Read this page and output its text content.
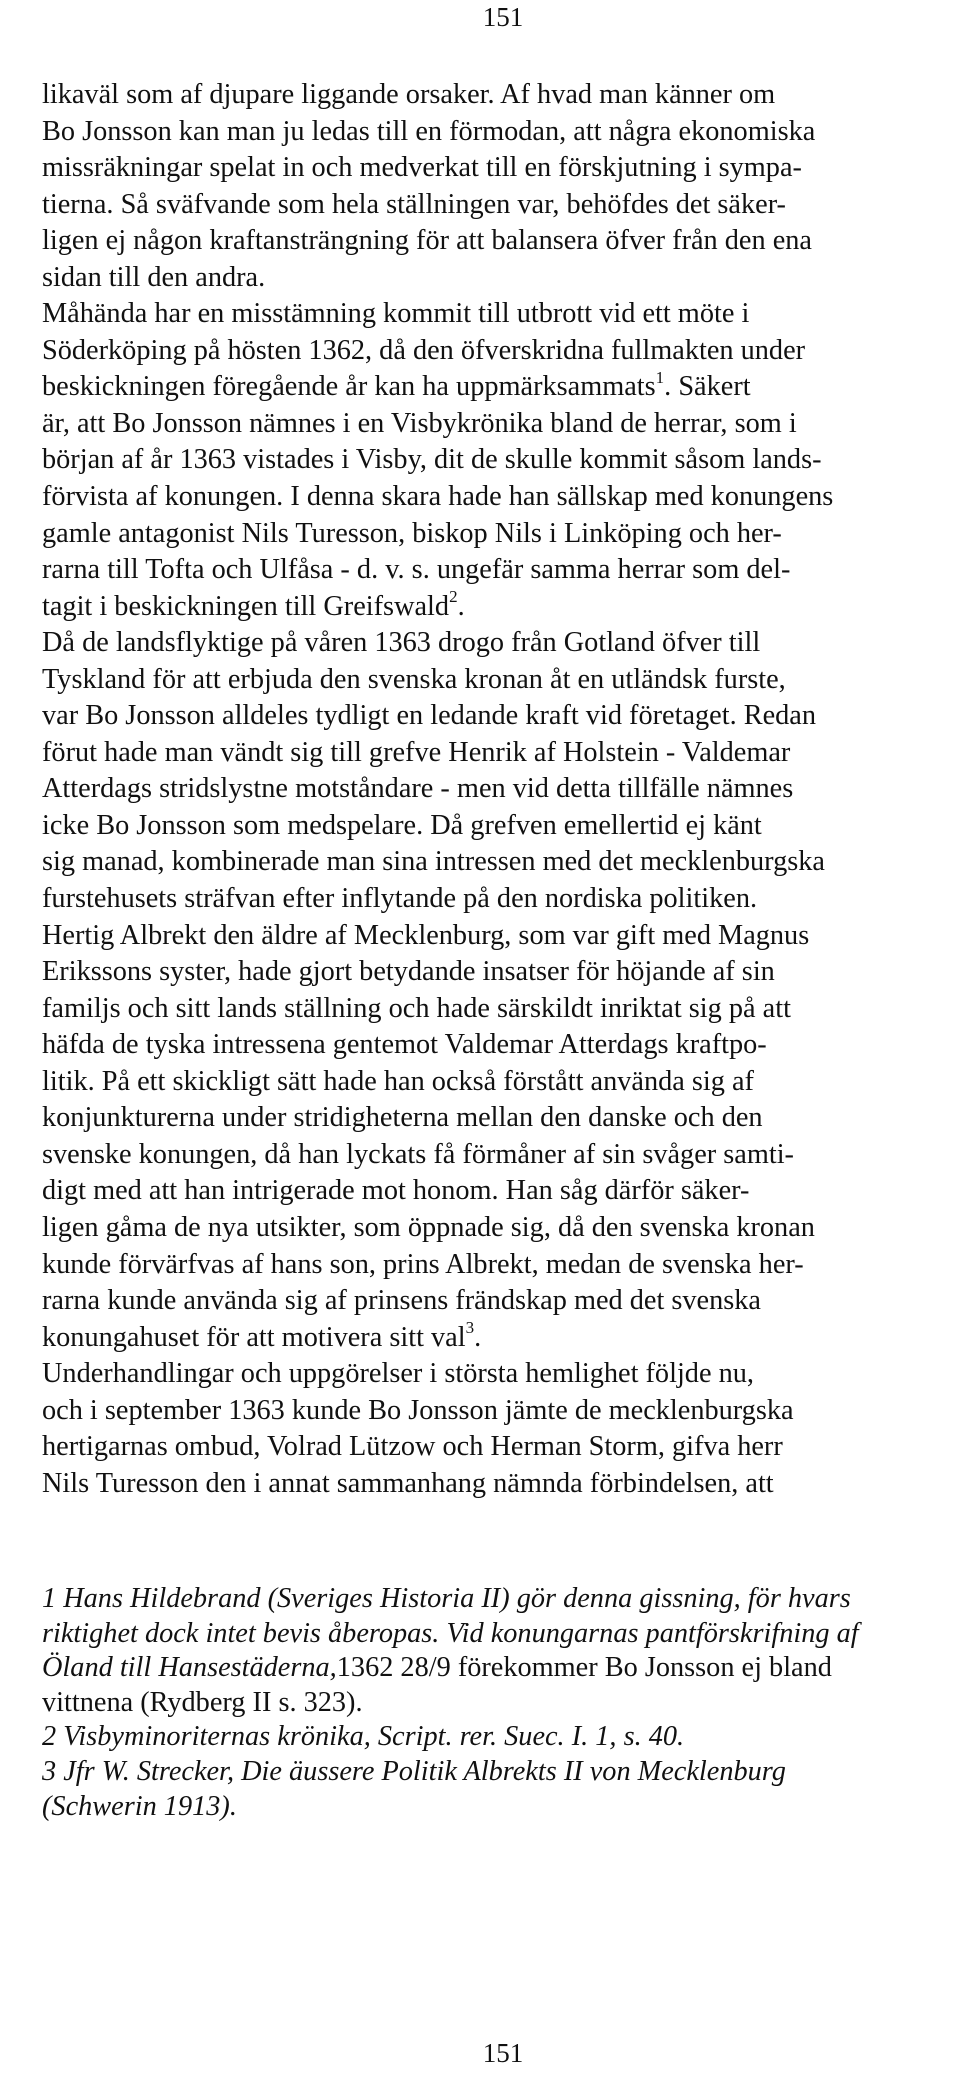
151
likaväl som af djupare liggande orsaker. Af hvad man känner om
Bo Jonsson kan man ju ledas till en förmodan, att några ekonomiska
missräkningar spelat in och medverkat till en förskjutning i sympa-
tierna. Så sväfvande som hela ställningen var, behöfdes det säker-
ligen ej någon kraftansträngning för att balansera öfver från den ena
sidan till den andra.
Måhända har en misstämning kommit till utbrott vid ett möte i
Söderköping på hösten 1362, då den öfverskridna fullmakten under
beskickningen föregående år kan ha uppmärksammats$^1$. Säkert
är, att Bo Jonsson nämnes i en Visbykrönika bland de herrar, som i
början af år 1363 vistades i Visby, dit de skulle kommit såsom lands-
förvista af konungen. I denna skara hade han sällskap med konungens
gamle antagonist Nils Turesson, biskop Nils i Linköping och her-
rarna till Tofta och Ulfåsa - d. v. s. ungefär samma herrar som del-
tagit i beskickningen till Greifswald$^2$.
Då de landsflyktige på våren 1363 drogo från Gotland öfver till
Tyskland för att erbjuda den svenska kronan åt en utländsk furste,
var Bo Jonsson alldeles tydligt en ledande kraft vid företaget. Redan
förut hade man vändt sig till grefve Henrik af Holstein - Valdemar
Atterdags stridslystne motståndare - men vid detta tillfälle nämnes
icke Bo Jonsson som medspelare. Då grefven emellertid ej känt
sig manad, kombinerade man sina intressen med det mecklenburgska
furstehusets sträfvan efter inflytande på den nordiska politiken.
Hertig Albrekt den äldre af Mecklenburg, som var gift med Magnus
Erikssons syster, hade gjort betydande insatser för höjande af sin
familjs och sitt lands ställning och hade särskildt inriktat sig på att
häfda de tyska intressena gentemot Valdemar Atterdags kraftpo-
litik. På ett skickligt sätt hade han också förstått använda sig af
konjunkturerna under stridigheterna mellan den danske och den
svenske konungen, då han lyckats få förmåner af sin svåger samti-
digt med att han intrigerade mot honom. Han såg därför säker-
ligen gåma de nya utsikter, som öppnade sig, då den svenska kronan
kunde förvärfvas af hans son, prins Albrekt, medan de svenska her-
rarna kunde använda sig af prinsens frändskap med det svenska
konungahuset för att motivera sitt val$^3$.
Underhandlingar och uppgörelser i största hemlighet följde nu,
och i september 1363 kunde Bo Jonsson jämte de mecklenburgska
hertigarnas ombud, Volrad Lützow och Herman Storm, gifva herr
Nils Turesson den i annat sammanhang nämnda förbindelsen, att
1 Hans Hildebrand (Sveriges Historia II) gör denna gissning, för hvars
riktighet dock intet bevis åberopas. Vid konungarnas pantförskrifning af
Öland till Hansestäderna,1362 28/9 förekommer Bo Jonsson ej bland
vittnena (Rydberg II s. 323).
2 Visbyminoriternas krönika, Script. rer. Suec. I. 1, s. 40.
3 Jfr W. Strecker, Die äussere Politik Albrekts II von Mecklenburg
(Schwerin 1913).
151
